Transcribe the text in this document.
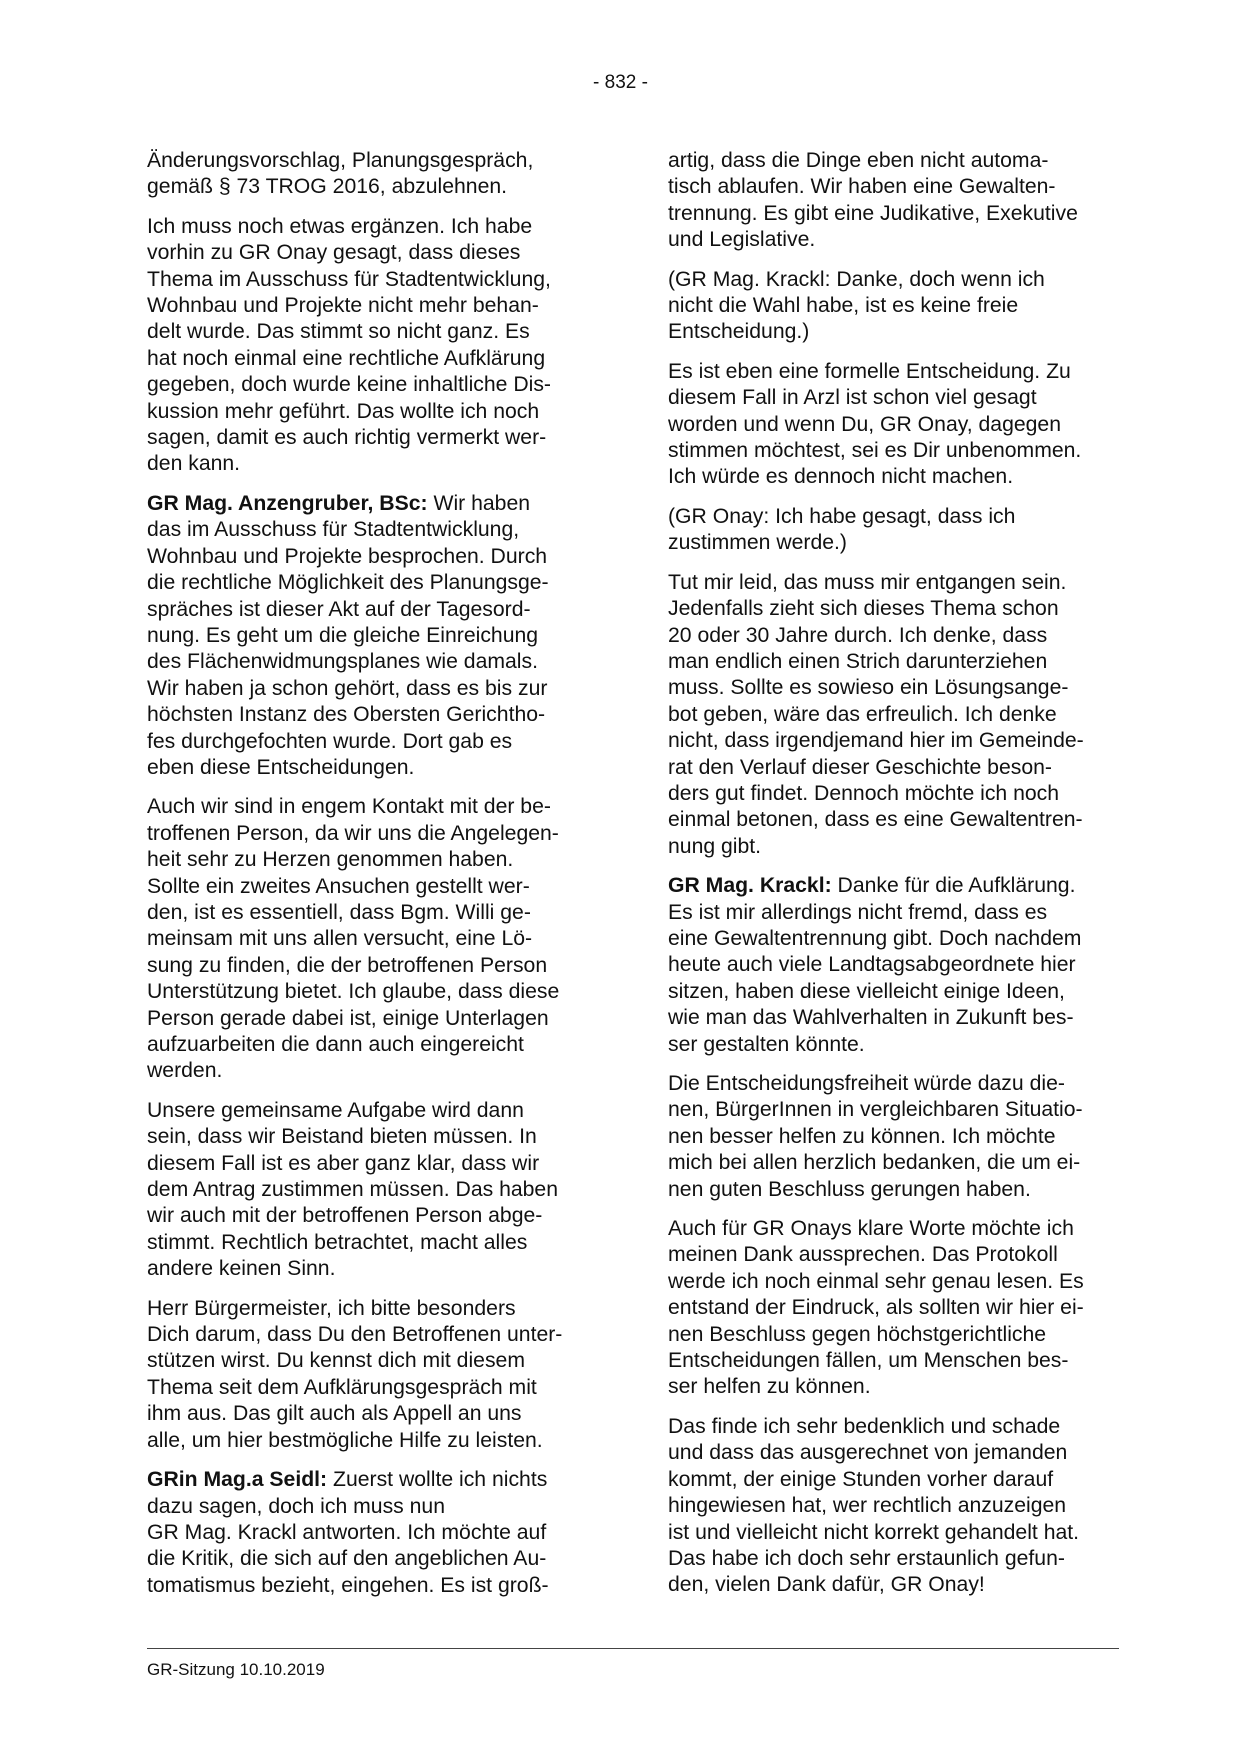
- 832 -

Änderungsvorschlag, Planungsgespräch,
gemäß § 73 TROG 2016, abzulehnen.

Ich muss noch etwas ergänzen. Ich habe
vorhin zu GR Onay gesagt, dass dieses
Thema im Ausschuss für Stadtentwicklung,
Wohnbau und Projekte nicht mehr behan-
delt wurde. Das stimmt so nicht ganz. Es
hat noch einmal eine rechtliche Aufklärung
gegeben, doch wurde keine inhaltliche Dis-
kussion mehr geführt. Das wollte ich noch
sagen, damit es auch richtig vermerkt wer-
den kann.

GR Mag. Anzengruber, BSc: Wir haben
das im Ausschuss für Stadtentwicklung,
Wohnbau und Projekte besprochen. Durch
die rechtliche Möglichkeit des Planungsge-
spräches ist dieser Akt auf der Tagesord-
nung. Es geht um die gleiche Einreichung
des Flächenwidmungsplanes wie damals.
Wir haben ja schon gehört, dass es bis zur
höchsten Instanz des Obersten Gerichtho-
fes durchgefochten wurde. Dort gab es
eben diese Entscheidungen.

Auch wir sind in engem Kontakt mit der be-
troffenen Person, da wir uns die Angelegen-
heit sehr zu Herzen genommen haben.
Sollte ein zweites Ansuchen gestellt wer-
den, ist es essentiell, dass Bgm. Willi ge-
meinsam mit uns allen versucht, eine Lö-
sung zu finden, die der betroffenen Person
Unterstützung bietet. Ich glaube, dass diese
Person gerade dabei ist, einige Unterlagen
aufzuarbeiten die dann auch eingereicht
werden.

Unsere gemeinsame Aufgabe wird dann
sein, dass wir Beistand bieten müssen. In
diesem Fall ist es aber ganz klar, dass wir
dem Antrag zustimmen müssen. Das haben
wir auch mit der betroffenen Person abge-
stimmt. Rechtlich betrachtet, macht alles
andere keinen Sinn.

Herr Bürgermeister, ich bitte besonders
Dich darum, dass Du den Betroffenen unter-
stützen wirst. Du kennst dich mit diesem
Thema seit dem Aufklärungsgespräch mit
ihm aus. Das gilt auch als Appell an uns
alle, um hier bestmögliche Hilfe zu leisten.

GRin Mag.a Seidl: Zuerst wollte ich nichts
dazu sagen, doch ich muss nun
GR Mag. Krackl antworten. Ich möchte auf
die Kritik, die sich auf den angeblichen Au-
tomatismus bezieht, eingehen. Es ist groß-

artig, dass die Dinge eben nicht automa-
tisch ablaufen. Wir haben eine Gewalten-
trennung. Es gibt eine Judikative, Exekutive
und Legislative.

(GR Mag. Krackl: Danke, doch wenn ich
nicht die Wahl habe, ist es keine freie
Entscheidung.)

Es ist eben eine formelle Entscheidung. Zu
diesem Fall in Arzl ist schon viel gesagt
worden und wenn Du, GR Onay, dagegen
stimmen möchtest, sei es Dir unbenommen.
Ich würde es dennoch nicht machen.

(GR Onay: Ich habe gesagt, dass ich
zustimmen werde.)

Tut mir leid, das muss mir entgangen sein.
Jedenfalls zieht sich dieses Thema schon
20 oder 30 Jahre durch. Ich denke, dass
man endlich einen Strich darunterziehen
muss. Sollte es sowieso ein Lösungsange-
bot geben, wäre das erfreulich. Ich denke
nicht, dass irgendjemand hier im Gemeinde-
rat den Verlauf dieser Geschichte beson-
ders gut findet. Dennoch möchte ich noch
einmal betonen, dass es eine Gewaltentren-
nung gibt.

GR Mag. Krackl: Danke für die Aufklärung.
Es ist mir allerdings nicht fremd, dass es
eine Gewaltentrennung gibt. Doch nachdem
heute auch viele Landtagsabgeordnete hier
sitzen, haben diese vielleicht einige Ideen,
wie man das Wahlverhalten in Zukunft bes-
ser gestalten könnte.

Die Entscheidungsfreiheit würde dazu die-
nen, BürgerInnen in vergleichbaren Situatio-
nen besser helfen zu können. Ich möchte
mich bei allen herzlich bedanken, die um ei-
nen guten Beschluss gerungen haben.

Auch für GR Onays klare Worte möchte ich
meinen Dank aussprechen. Das Protokoll
werde ich noch einmal sehr genau lesen. Es
entstand der Eindruck, als sollten wir hier ei-
nen Beschluss gegen höchstgerichtliche
Entscheidungen fällen, um Menschen bes-
ser helfen zu können.

Das finde ich sehr bedenklich und schade
und dass das ausgerechnet von jemanden
kommt, der einige Stunden vorher darauf
hingewiesen hat, wer rechtlich anzuzeigen
ist und vielleicht nicht korrekt gehandelt hat.
Das habe ich doch sehr erstaunlich gefun-
den, vielen Dank dafür, GR Onay!

GR-Sitzung 10.10.2019
